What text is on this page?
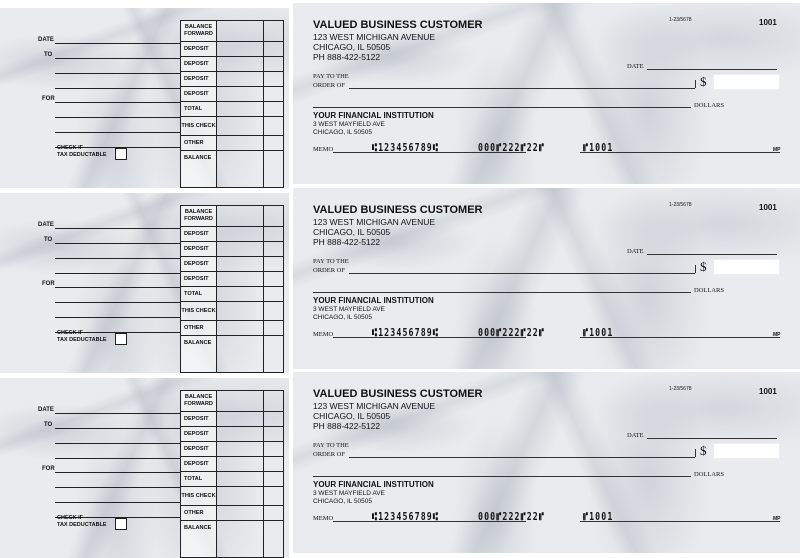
DATE
TO
FOR
BALANCE FORWARD		
DEPOSIT		
DEPOSIT		
DEPOSIT		
DEPOSIT		
TOTAL		
THIS CHECK		
OTHER		
BALANCE		
CHECK IF
TAX DEDUCTABLE
DATE
TO
FOR
BALANCE FORWARD		
DEPOSIT		
DEPOSIT		
DEPOSIT		
DEPOSIT		
TOTAL		
THIS CHECK		
OTHER		
BALANCE		
CHECK IF
TAX DEDUCTABLE
DATE
TO
FOR
BALANCE FORWARD		
DEPOSIT		
DEPOSIT		
DEPOSIT		
DEPOSIT		
TOTAL		
THIS CHECK		
OTHER		
BALANCE		
CHECK IF
TAX DEDUCTABLE
VALUED BUSINESS CUSTOMER
123 WEST MICHIGAN AVENUE
CHICAGO, IL 50505
PH 888-422-5122
1-23/5678	1001
DATE
PAY TO THE
ORDER OF	$
DOLLARS
YOUR FINANCIAL INSTITUTION
3 WEST MAYFIELD AVE
CHICAGO, IL 50505
MEMO	MP
⑆123456789⑆	000⑈222⑈22⑈	⑈1001
VALUED BUSINESS CUSTOMER
123 WEST MICHIGAN AVENUE
CHICAGO, IL 50505
PH 888-422-5122
1-23/5678	1001
DATE
PAY TO THE
ORDER OF	$
DOLLARS
YOUR FINANCIAL INSTITUTION
3 WEST MAYFIELD AVE
CHICAGO, IL 50505
MEMO	MP
⑆123456789⑆	000⑈222⑈22⑈	⑈1001
VALUED BUSINESS CUSTOMER
123 WEST MICHIGAN AVENUE
CHICAGO, IL 50505
PH 888-422-5122
1-23/5678	1001
DATE
PAY TO THE
ORDER OF	$
DOLLARS
YOUR FINANCIAL INSTITUTION
3 WEST MAYFIELD AVE
CHICAGO, IL 50505
MEMO	MP
⑆123456789⑆	000⑈222⑈22⑈	⑈1001
